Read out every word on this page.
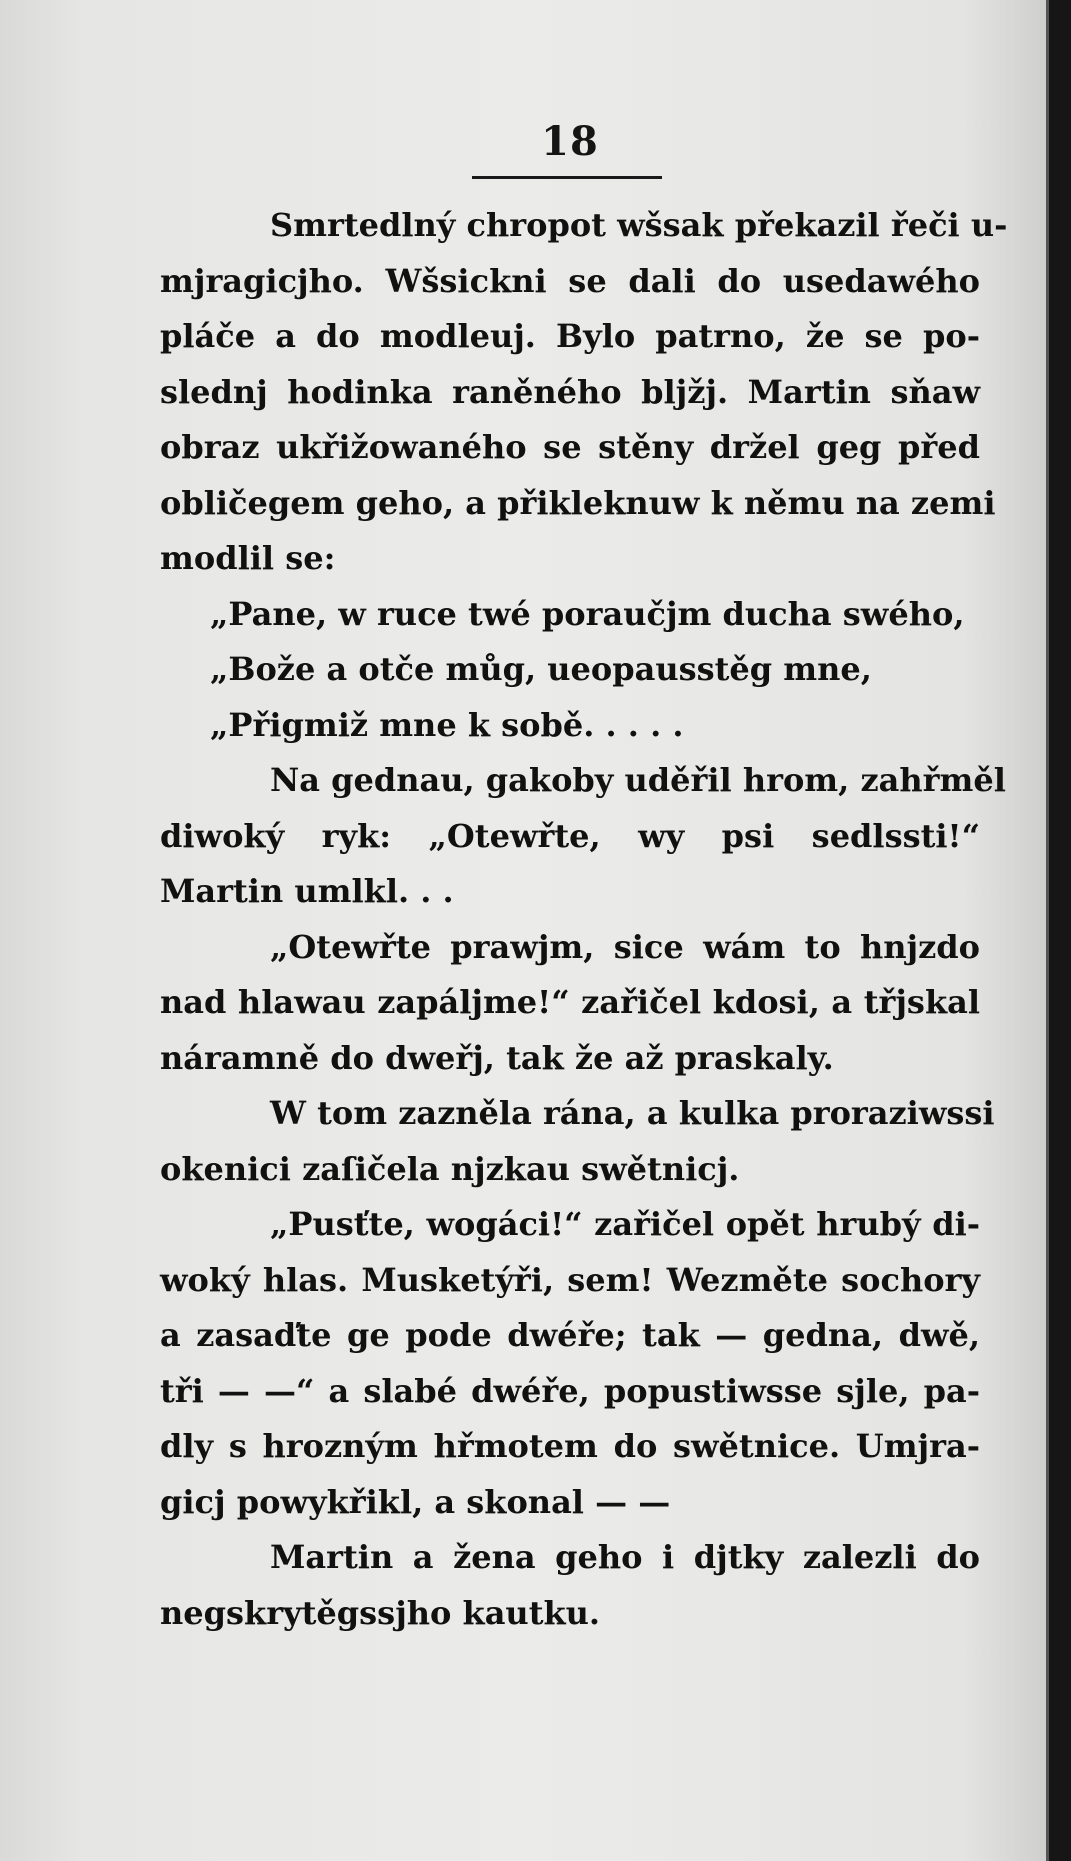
18
Smrtedlný chropot wšsak překazil řeči u-
mjragicjho. Wšsickni se dali do usedawého
pláče a do modleuj. Bylo patrno, že se po-
slednj hodinka raněného blјžј. Martin sňaw
obraz ukřižowaného se stěny držel geg před
obličegem geho, a přikleknuw k němu na zemi
modlil se:
„Pane, w ruce twé poraučјm ducha swého,
„Bože a otče můg, ueopausstěg mne,
„Přigmiž mne k sobě. . . . .
Na gednau, gakoby uděřil hrom, zahřměl
diwoký ryk: „Otewřte, wy psi sedlssti!“
Martin umlkl. . .
„Otewřte prawjm, sice wám to hnjzdo
nad hlawau zapálјme!“ zařičel kdosi, a třјskal
náramně do dweřј, tak že až praskaly.
W tom zazněla rána, a kulka prorazіwssi
okenici zaſičela njzkau swětnicj.
„Pusťte, wogáci!“ zařičel opět hrubý di-
woký hlas. Musketýři, sem! Wezměte sochory
a zasaďte ge pode dwéře; tak — gedna, dwě,
tři — —“ a slabé dwéře, popustiwsse sjle, pa-
dly s hrozným hřmotem do swětnice. Umjra-
gicj powykřikl, a skonal — —
Martin a žena geho i djtky zalezli do
negskrytěgssjho kautku.
